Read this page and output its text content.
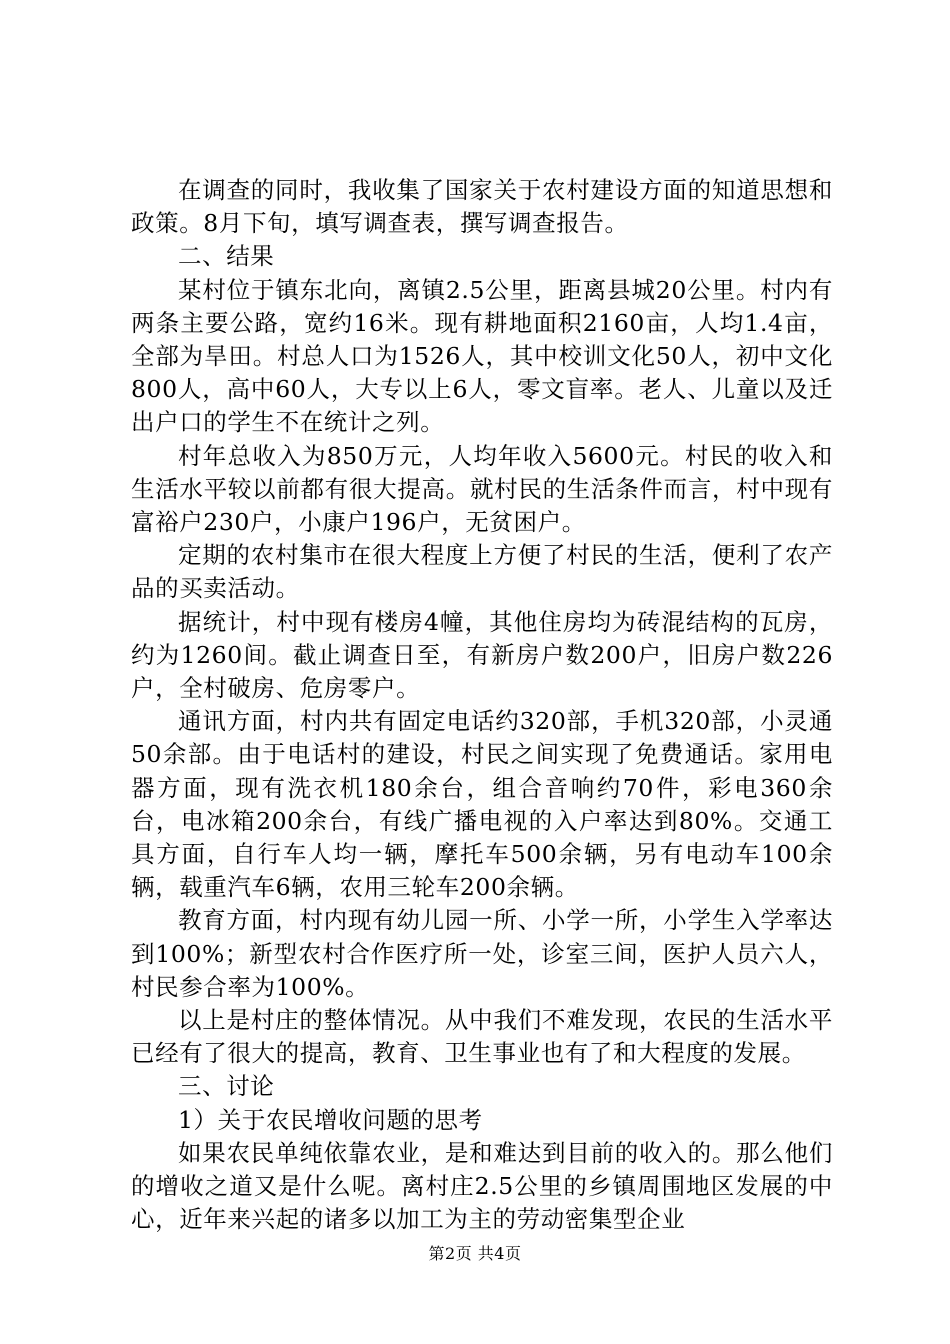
在调查的同时，我收集了国家关于农村建设方面的知道思想和政策。8月下旬，填写调查表，撰写调查报告。

二、结果

某村位于镇东北向，离镇2.5公里，距离县城20公里。村内有两条主要公路，宽约16米。现有耕地面积2160亩，人均1.4亩，全部为旱田。村总人口为1526人，其中校训文化50人，初中文化800人，高中60人，大专以上6人，零文盲率。老人、儿童以及迁出户口的学生不在统计之列。

村年总收入为850万元，人均年收入5600元。村民的收入和生活水平较以前都有很大提高。就村民的生活条件而言，村中现有富裕户230户，小康户196户，无贫困户。

定期的农村集市在很大程度上方便了村民的生活，便利了农产品的买卖活动。

据统计，村中现有楼房4幢，其他住房均为砖混结构的瓦房，约为1260间。截止调查日至，有新房户数200户，旧房户数226户，全村破房、危房零户。

通讯方面，村内共有固定电话约320部，手机320部，小灵通50余部。由于电话村的建设，村民之间实现了免费通话。家用电器方面，现有洗衣机180余台，组合音响约70件，彩电360余台，电冰箱200余台，有线广播电视的入户率达到80%。交通工具方面，自行车人均一辆，摩托车500余辆，另有电动车100余辆，载重汽车6辆，农用三轮车200余辆。

教育方面，村内现有幼儿园一所、小学一所，小学生入学率达到100%；新型农村合作医疗所一处，诊室三间，医护人员六人，村民参合率为100%。

以上是村庄的整体情况。从中我们不难发现，农民的生活水平已经有了很大的提高，教育、卫生事业也有了和大程度的发展。

三、讨论

1）关于农民增收问题的思考

如果农民单纯依靠农业，是和难达到目前的收入的。那么他们的增收之道又是什么呢。离村庄2.5公里的乡镇周围地区发展的中心，近年来兴起的诸多以加工为主的劳动密集型企业

第2页 共4页
